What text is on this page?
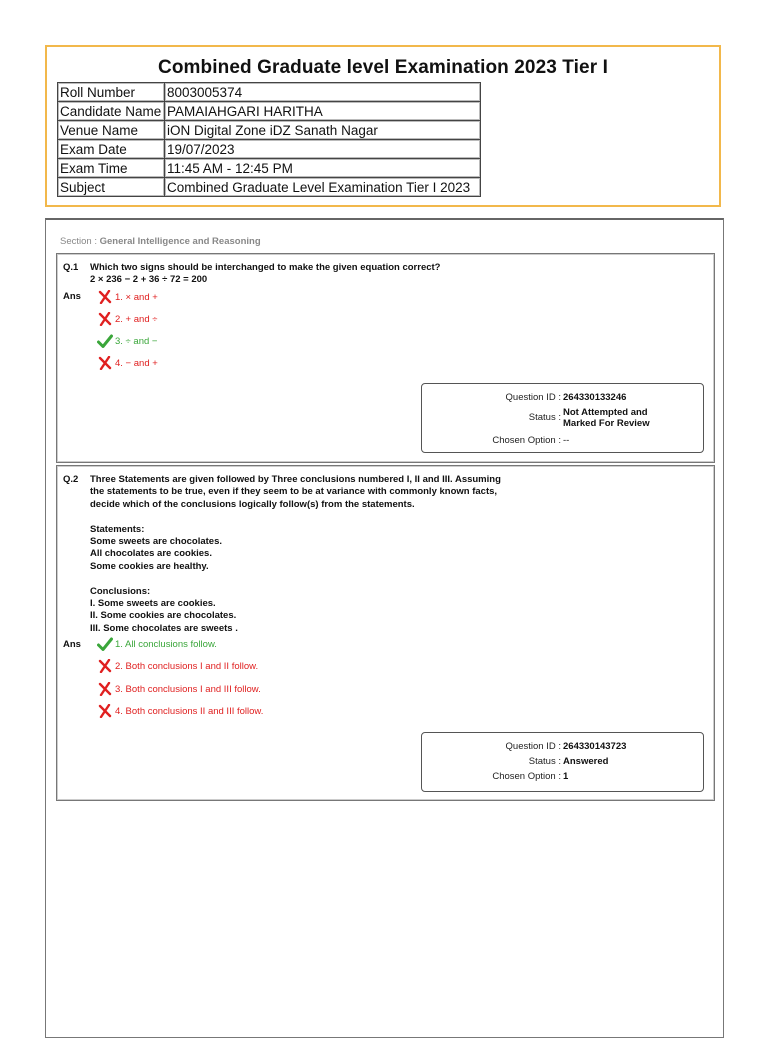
Combined Graduate level Examination 2023 Tier I
Roll Number	8003005374
Candidate Name	PAMAIAHGARI HARITHA
Venue Name	iON Digital Zone iDZ Sanath Nagar
Exam Date	19/07/2023
Exam Time	11:45 AM - 12:45 PM
Subject	Combined Graduate Level Examination Tier I 2023
Section : General Intelligence and Reasoning
Q.1 Which two signs should be interchanged to make the given equation correct?

2 × 236 − 2 + 36 ÷ 72 = 200

Ans	1. × and +
2. + and ÷
3. ÷ and −
4. − and +
Question ID : 264330133246
Status : Not Attempted and
Marked For Review
Chosen Option : --
Q.2 Three Statements are given followed by Three conclusions numbered I, II and III. Assuming

the statements to be true, even if they seem to be at variance with commonly known facts,

decide which of the conclusions logically follow(s) from the statements.

Statements:

Some sweets are chocolates.

All chocolates are cookies.

Some cookies are healthy.

Conclusions:

I. Some sweets are cookies.

II. Some cookies are chocolates.

III. Some chocolates are sweets .

Ans	1. All conclusions follow.
2. Both conclusions I and II follow.
3. Both conclusions I and III follow.
4. Both conclusions II and III follow.
Question ID : 264330143723
Status : Answered
Chosen Option : 1
